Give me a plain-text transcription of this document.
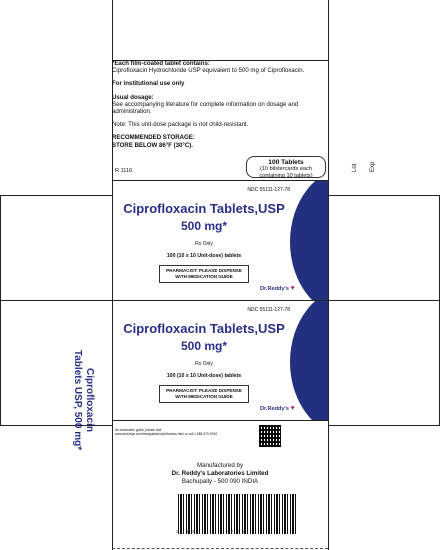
*Each film-coated tablet contains:

Ciprofloxacin Hydrochloride USP equivalent to 500 mg of Ciprofloxacin.

For institutional use only

Usual dosage:

See accompanying literature for complete information on dosage and administration.

Note: This unit-dose package is not child-resistant.

RECOMMENDED STORAGE:

STORE BELOW 86°F (30°C).

R 1116
100 Tablets
(10 blistercards each containing 10 tablets)
Lot Exp
NDC 55111-127-78
Ciprofloxacin Tablets,USP
500 mg*
Rx Only
100 (10 x 10 Unit-dose) tablets
PHARMACIST: PLEASE DISPENSE WITH MEDICATION GUIDE
Dr.Reddy's ♥
NDC 55111-127-78
Ciprofloxacin Tablets,USP
500 mg*
Rx Only
100 (10 x 10 Unit-dose) tablets
PHARMACIST: PLEASE DISPENSE WITH MEDICATION GUIDE
Dr.Reddy's ♥
Ciprofloxacin
Tablets USP, 500 mg*	for medication guide, please visit www.drreddys.com/medguides/ciprofloxacin.html or call 1-888-375-3784
Manufactured by
Dr. Reddy's Laboratories Limited
Bachupally - 500 090 INDIA
3 55111 12778
